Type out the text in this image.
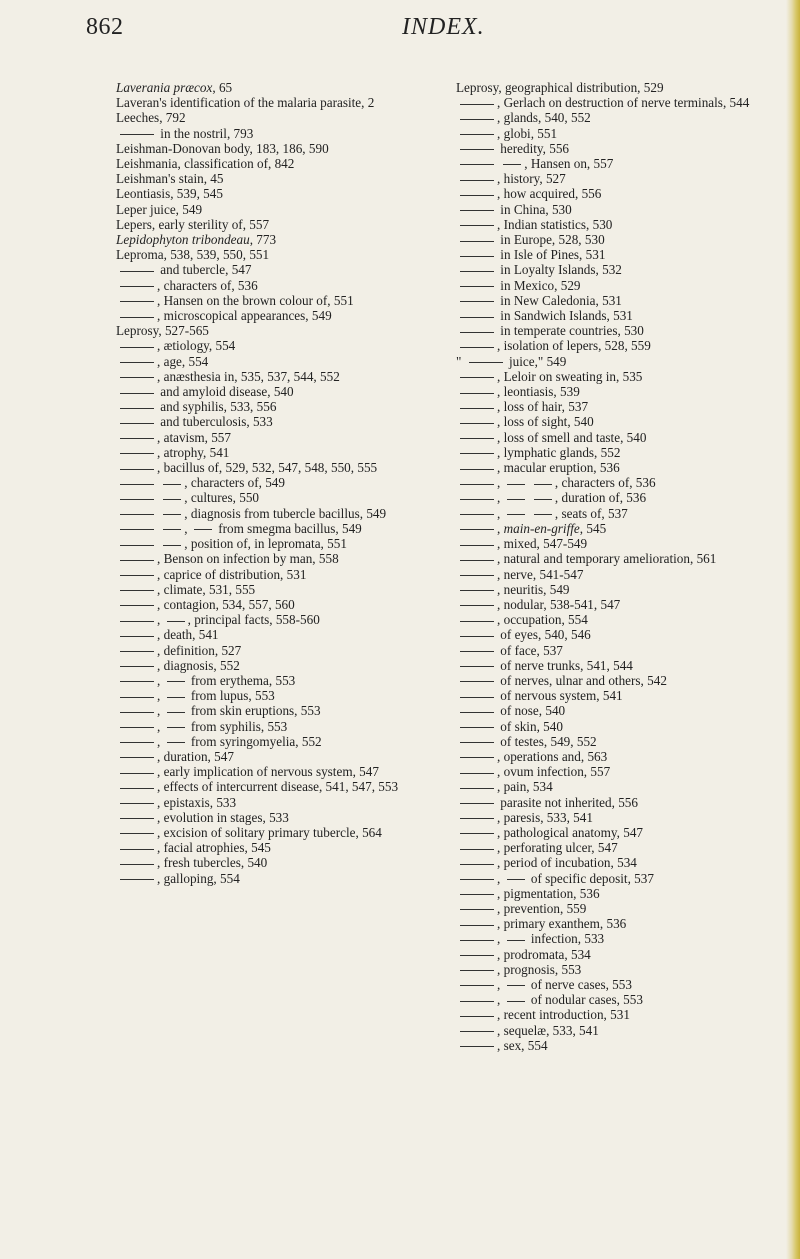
862	INDEX.
Laverania præcox, 65
Laveran's identification of the malaria parasite, 2
Leeches, 792
in the nostril, 793
Leishman-Donovan body, 183, 186, 590
Leishmania, classification of, 842
Leishman's stain, 45
Leontiasis, 539, 545
Leper juice, 549
Lepers, early sterility of, 557
Lepidophyton tribondeau, 773
Leproma, 538, 539, 550, 551
and tubercle, 547
, characters of, 536
, Hansen on the brown colour of, 551
, microscopical appearances, 549
Leprosy, 527-565
, ætiology, 554
, age, 554
, anæsthesia in, 535, 537, 544, 552
and amyloid disease, 540
and syphilis, 533, 556
and tuberculosis, 533
, atavism, 557
, atrophy, 541
, bacillus of, 529, 532, 547, 548, 550, 555
, characters of, 549
, cultures, 550
, diagnosis from tubercle bacillus, 549
,  from smegma bacillus, 549
, position of, in lepromata, 551
, Benson on infection by man, 558
, caprice of distribution, 531
, climate, 531, 555
, contagion, 534, 557, 560
, , principal facts, 558-560
, death, 541
, definition, 527
, diagnosis, 552
,  from erythema, 553
,  from lupus, 553
,  from skin eruptions, 553
,  from syphilis, 553
,  from syringomyelia, 552
, duration, 547
, early implication of nervous system, 547
, effects of intercurrent disease, 541, 547, 553
, epistaxis, 533
, evolution in stages, 533
, excision of solitary primary tubercle, 564
, facial atrophies, 545
, fresh tubercles, 540
, galloping, 554
Leprosy, geographical distribution, 529
, Gerlach on destruction of nerve terminals, 544
, glands, 540, 552
, globi, 551
heredity, 556
, Hansen on, 557
, history, 527
, how acquired, 556
in China, 530
, Indian statistics, 530
in Europe, 528, 530
in Isle of Pines, 531
in Loyalty Islands, 532
in Mexico, 529
in New Caledonia, 531
in Sandwich Islands, 531
in temperate countries, 530
, isolation of lepers, 528, 559
"	juice," 549
, Leloir on sweating in, 535
, leontiasis, 539
, loss of hair, 537
, loss of sight, 540
, loss of smell and taste, 540
, lymphatic glands, 552
, macular eruption, 536
,	, characters of, 536
,	, duration of, 536
,	, seats of, 537
, main-en-griffe, 545
, mixed, 547-549
, natural and temporary amelioration, 561
, nerve, 541-547
, neuritis, 549
, nodular, 538-541, 547
, occupation, 554
of eyes, 540, 546
of face, 537
of nerve trunks, 541, 544
of nerves, ulnar and others, 542
of nervous system, 541
of nose, 540
of skin, 540
of testes, 549, 552
, operations and, 563
, ovum infection, 557
, pain, 534
parasite not inherited, 556
, paresis, 533, 541
, pathological anatomy, 547
, perforating ulcer, 547
, period of incubation, 534
,  of specific deposit, 537
, pigmentation, 536
, prevention, 559
, primary exanthem, 536
,  infection, 533
, prodromata, 534
, prognosis, 553
,  of nerve cases, 553
,  of nodular cases, 553
, recent introduction, 531
, sequelæ, 533, 541
, sex, 554
